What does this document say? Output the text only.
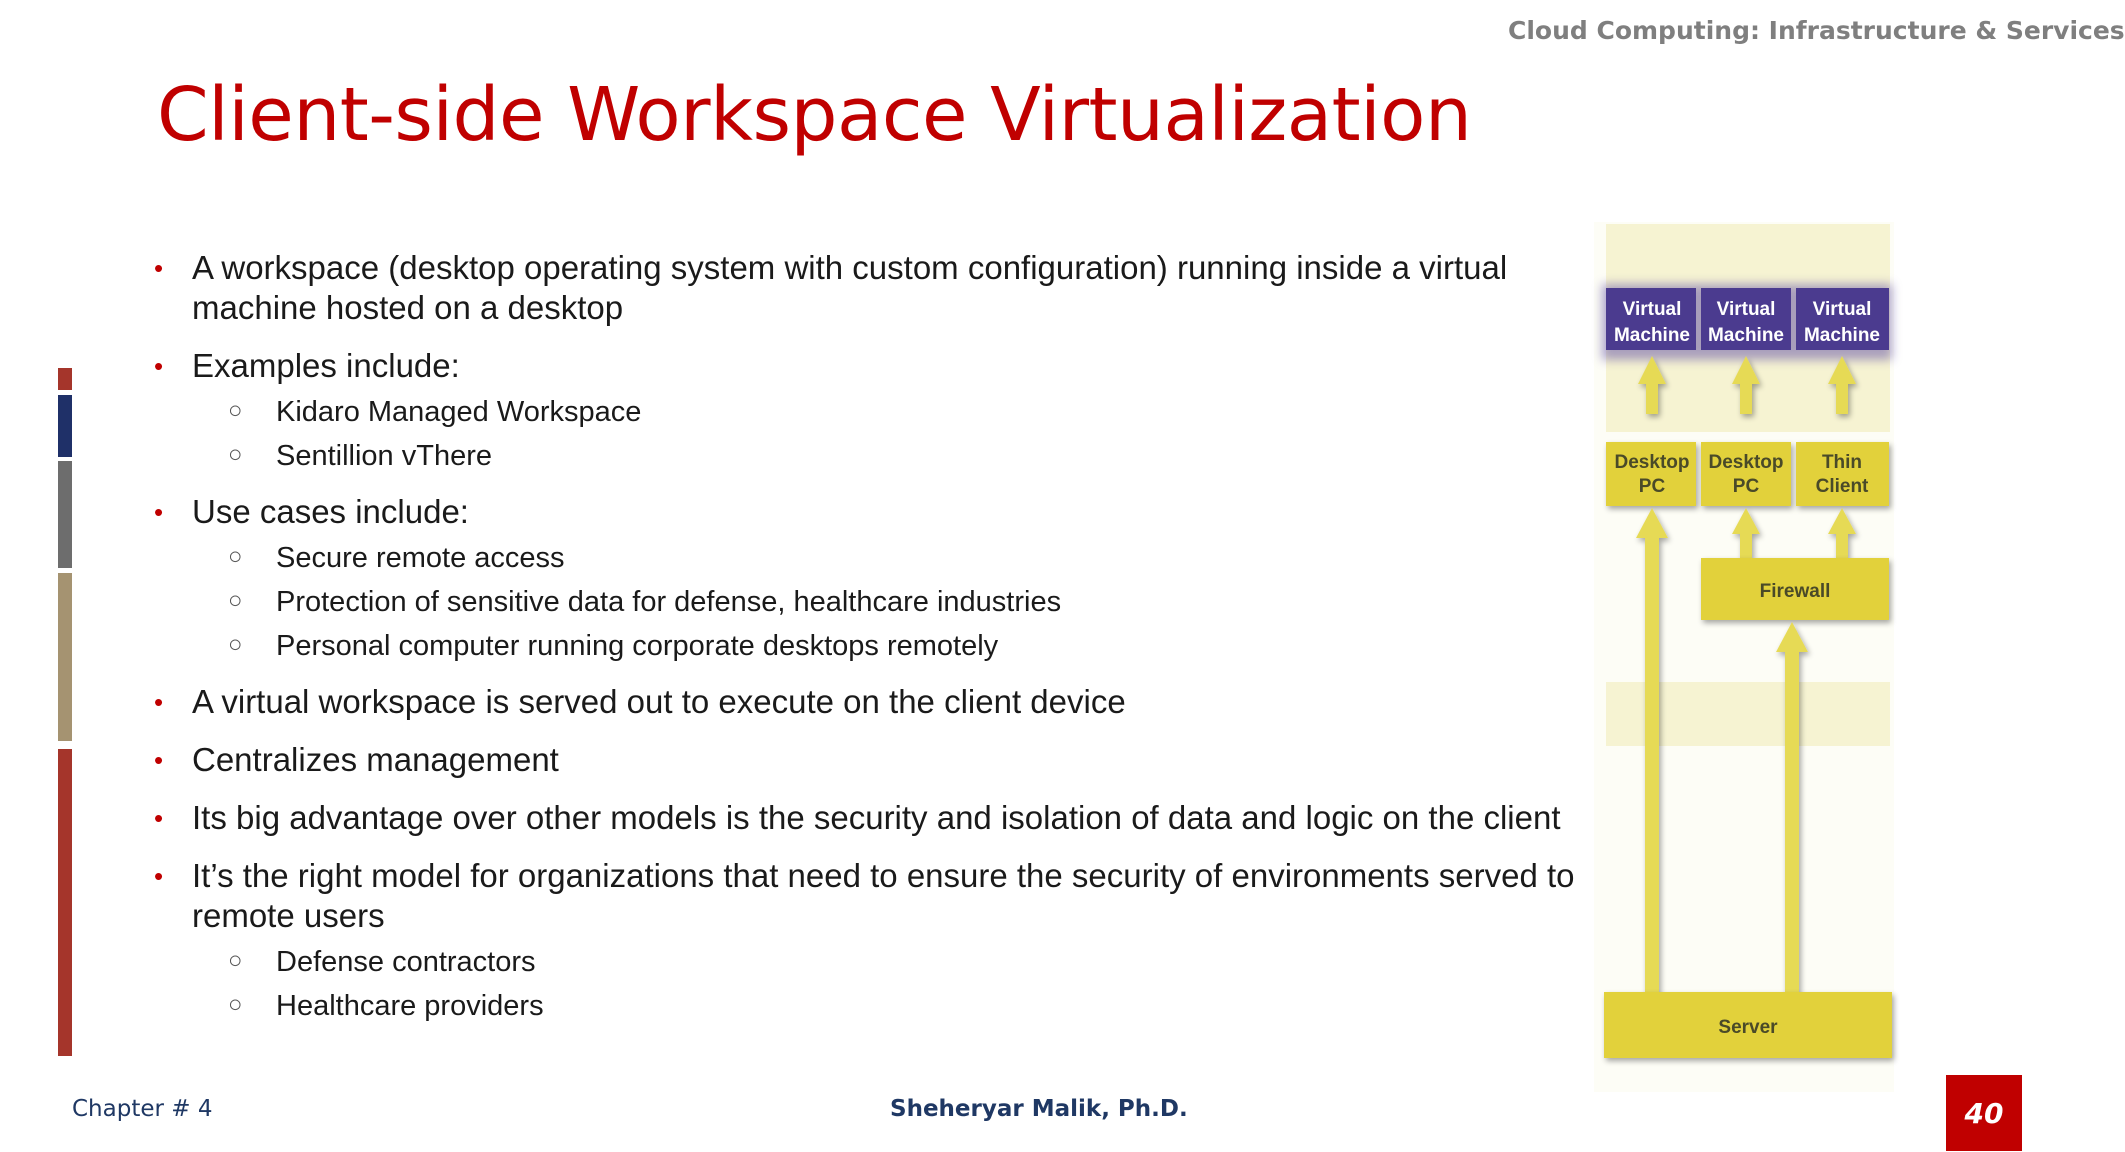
Cloud Computing: Infrastructure & Services
Client-side Workspace Virtualization
• A workspace (desktop operating system with custom configuration) running inside a virtual machine hosted on a desktop
• Examples include:
○ Kidaro Managed Workspace
○ Sentillion vThere
• Use cases include:
○ Secure remote access
○ Protection of sensitive data for defense, healthcare industries
○ Personal computer running corporate desktops remotely
• A virtual workspace is served out to execute on the client device
• Centralizes management
• Its big advantage over other models is the security and isolation of data and logic on the client
• It’s the right model for organizations that need to ensure the security of environments served to remote users
○ Defense contractors
○ Healthcare providers
Virtual
Machine
Virtual
Machine
Virtual
Machine
Desktop
PC
Desktop
PC
Thin
Client
Firewall
Server
Chapter # 4	Sheheryar Malik, Ph.D.	40
